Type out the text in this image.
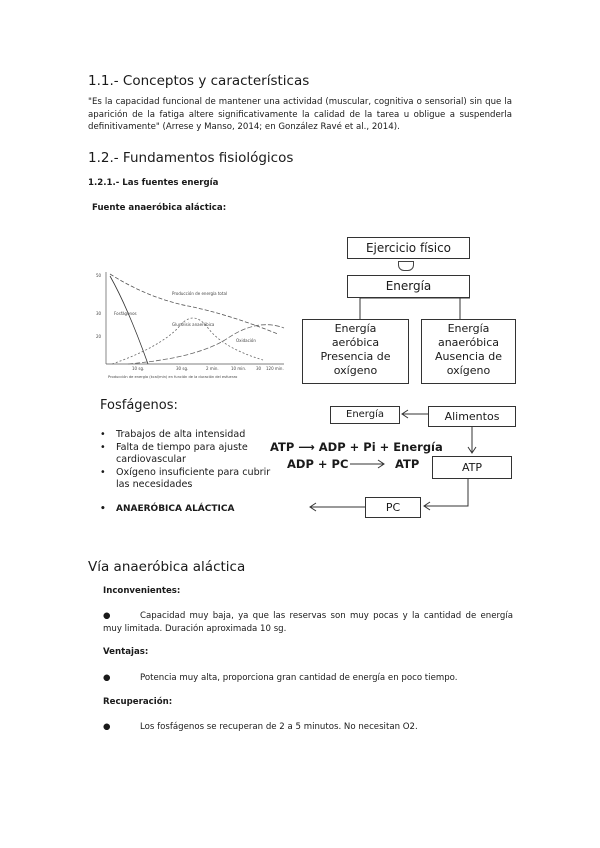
1.1.- Conceptos y características
"Es la capacidad funcional de mantener una actividad (muscular, cognitiva o sensorial) sin que la aparición de la fatiga altere significativamente la calidad de la tarea u obligue a suspenderla definitivamente" (Arrese y Manso, 2014; en González Ravé et al., 2014).
1.2.- Fundamentos fisiológicos
1.2.1.- Las fuentes energía
Fuente anaeróbica aláctica:
50
30
20
10 sg.	30 sg.	2 min.	10 min. 30 120 min.
Producción de energía total
Fosfágenos
Glucólisis anaeróbica
Oxidación
Producción de energía (kcal/min) en función de la duración del esfuerzo
Ejercicio físico
Energía
Energía
aeróbica
Presencia de
oxígeno
Energía
anaeróbica
Ausencia de
oxígeno
Fosfágenos:
• Trabajos de alta intensidad
• Falta de tiempo para ajuste cardiovascular
• Oxígeno insuficiente para cubrir las necesidades
• ANAERÓBICA ALÁCTICA
Energía	Alimentos
ATP ⟶ ADP + Pi + Energía
ADP + PC	ATP	ATP
PC
Vía anaeróbica aláctica
Inconvenientes:
●	Capacidad muy baja, ya que las reservas son muy pocas y la cantidad de energía muy limitada. Duración aproximada 10 sg.
Ventajas:
●	Potencia muy alta, proporciona gran cantidad de energía en poco tiempo.
Recuperación:
●	Los fosfágenos se recuperan de 2 a 5 minutos. No necesitan O2.
